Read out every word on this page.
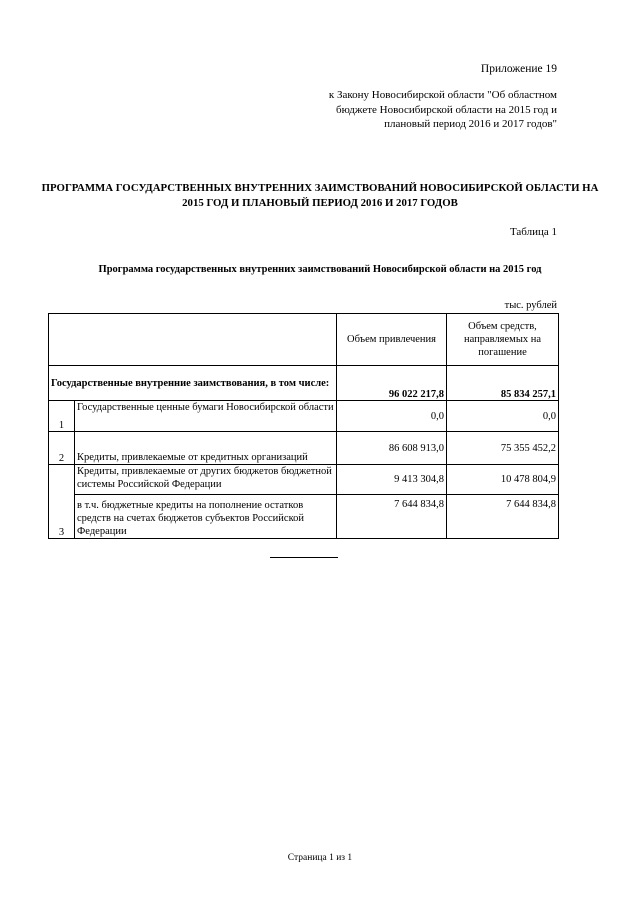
Приложение 19
к Закону Новосибирской области "Об областном бюджете Новосибирской области на 2015 год и плановый период 2016 и 2017 годов"
ПРОГРАММА ГОСУДАРСТВЕННЫХ ВНУТРЕННИХ ЗАИМСТВОВАНИЙ НОВОСИБИРСКОЙ ОБЛАСТИ НА 2015 ГОД И ПЛАНОВЫЙ ПЕРИОД 2016 И 2017 ГОДОВ
Таблица 1
Программа государственных внутренних заимствований Новосибирской области на 2015 год
тыс. рублей
		Объем привлечения	Объем средств, направляемых на погашение
Государственные внутренние заимствования, в том числе:		96 022 217,8	85 834 257,1
1	Государственные ценные бумаги Новосибирской области	0,0	0,0
2	Кредиты, привлекаемые от кредитных организаций	86 608 913,0	75 355 452,2
3	Кредиты, привлекаемые от других бюджетов бюджетной системы Российской Федерации	9 413 304,8	10 478 804,9
	в т.ч. бюджетные кредиты на пополнение остатков средств на счетах бюджетов субъектов Российской Федерации	7 644 834,8	7 644 834,8
Страница 1 из 1
